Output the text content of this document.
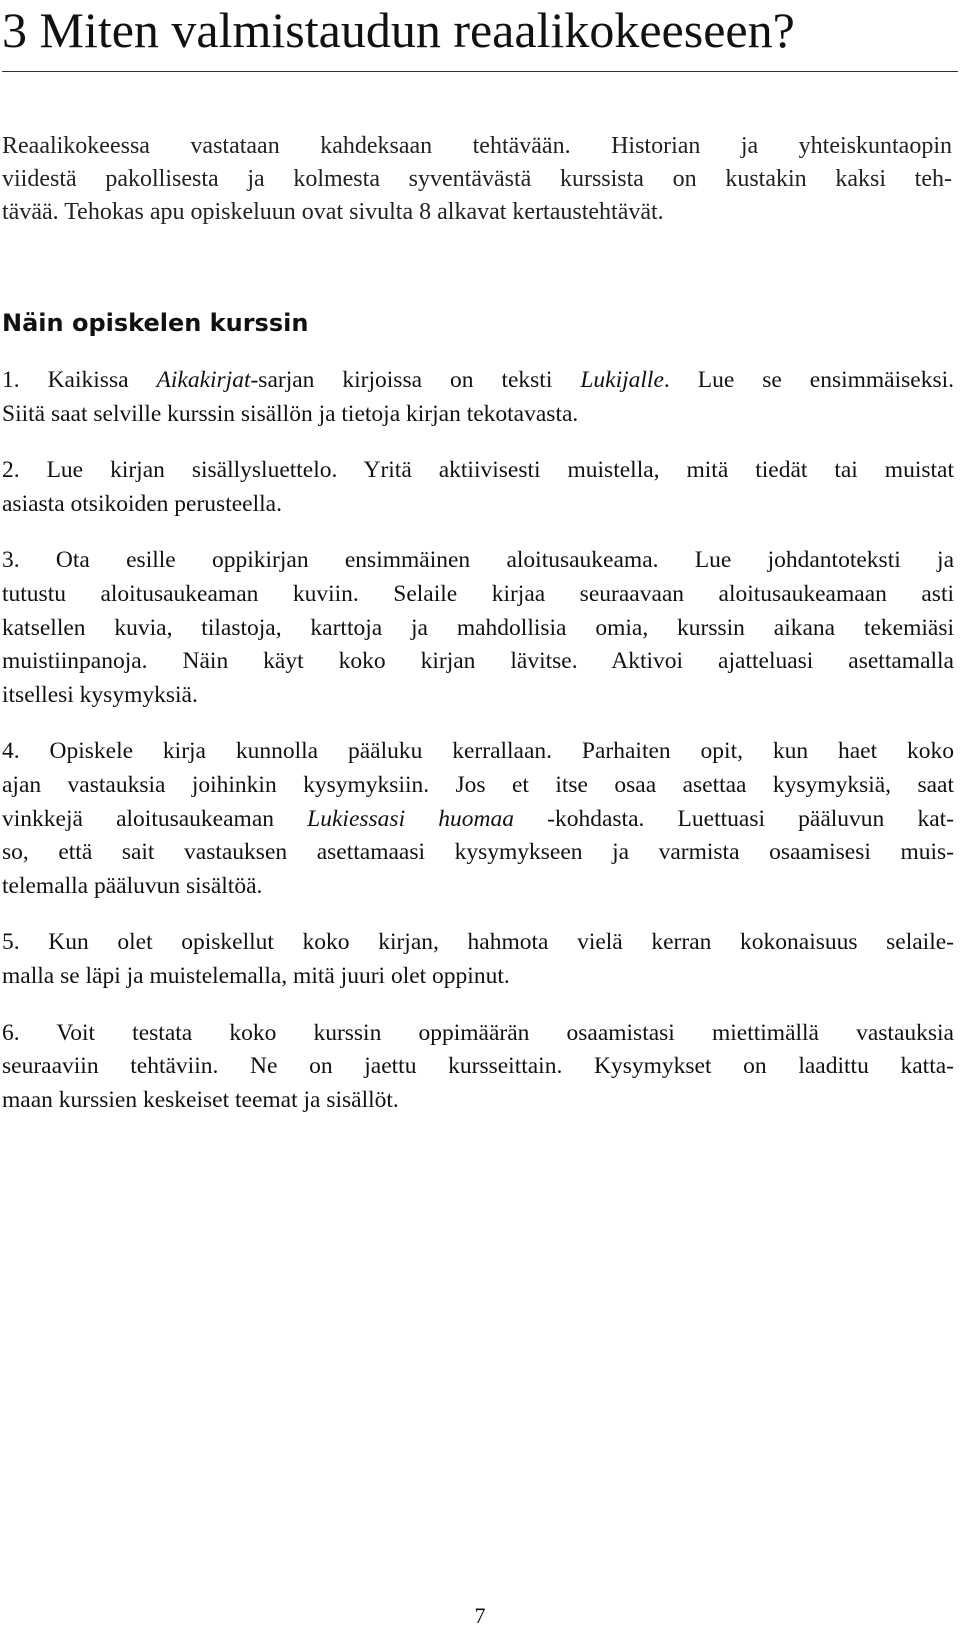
3 Miten valmistaudun reaalikokeeseen?

Reaalikokeessa vastataan kahdeksaan tehtävään. Historian ja yhteiskuntaopin
viidestä pakollisesta ja kolmesta syventävästä kurssista on kustakin kaksi teh-
tävää. Tehokas apu opiskeluun ovat sivulta 8 alkavat kertaustehtävät.

Näin opiskelen kurssin

1. Kaikissa Aikakirjat-sarjan kirjoissa on teksti Lukijalle. Lue se ensimmäiseksi.
Siitä saat selville kurssin sisällön ja tietoja kirjan tekotavasta.

2. Lue kirjan sisällysluettelo. Yritä aktiivisesti muistella, mitä tiedät tai muistat
asiasta otsikoiden perusteella.

3. Ota esille oppikirjan ensimmäinen aloitusaukeama. Lue johdantoteksti ja
tutustu aloitusaukeaman kuviin. Selaile kirjaa seuraavaan aloitusaukeamaan asti
katsellen kuvia, tilastoja, karttoja ja mahdollisia omia, kurssin aikana tekemiäsi
muistiinpanoja. Näin käyt koko kirjan lävitse. Aktivoi ajatteluasi asettamalla
itsellesi kysymyksiä.

4. Opiskele kirja kunnolla pääluku kerrallaan. Parhaiten opit, kun haet koko
ajan vastauksia joihinkin kysymyksiin. Jos et itse osaa asettaa kysymyksiä, saat
vinkkejä aloitusaukeaman Lukiessasi huomaa -kohdasta. Luettuasi pääluvun kat-
so, että sait vastauksen asettamaasi kysymykseen ja varmista osaamisesi muis-
telemalla pääluvun sisältöä.

5. Kun olet opiskellut koko kirjan, hahmota vielä kerran kokonaisuus selaile-
malla se läpi ja muistelemalla, mitä juuri olet oppinut.

6. Voit testata koko kurssin oppimäärän osaamistasi miettimällä vastauksia
seuraaviin tehtäviin. Ne on jaettu kursseittain. Kysymykset on laadittu katta-
maan kurssien keskeiset teemat ja sisällöt.

7
